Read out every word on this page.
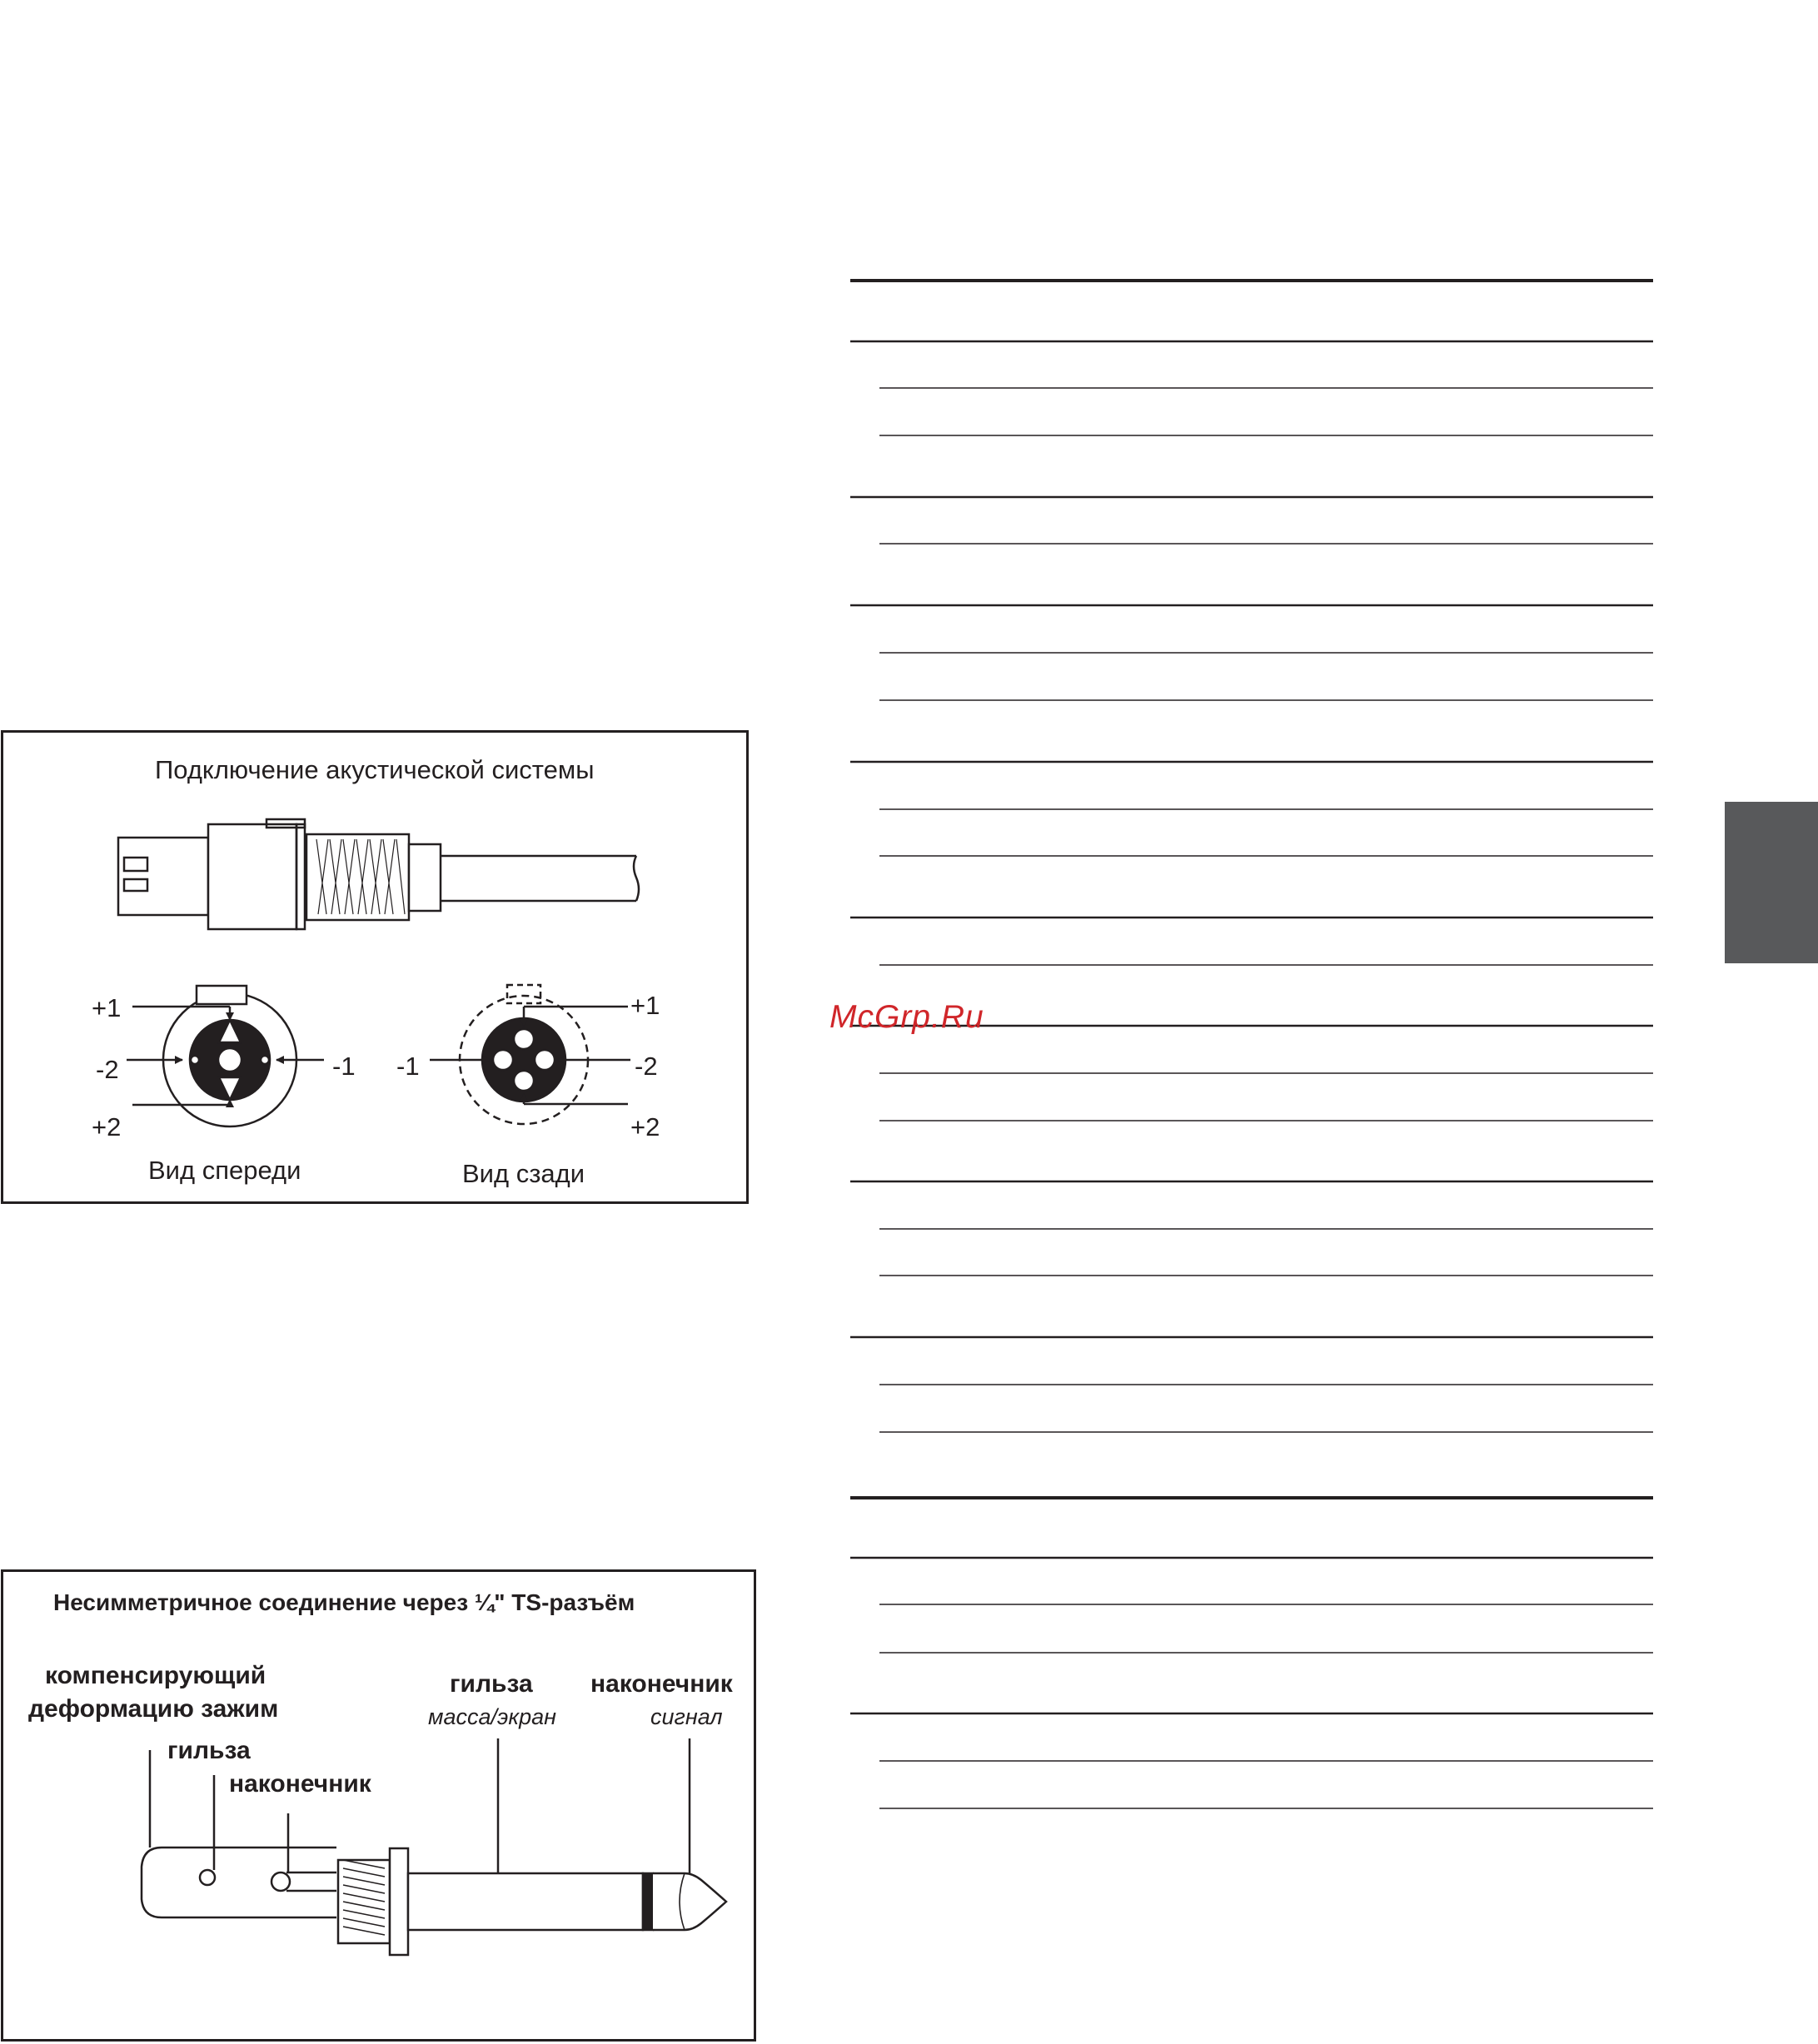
Подключение акустической системы
+1
-2	-1
+2
Вид спереди
+1
-1	-2
+2
Вид сзади
Несимметричное соединение через ¼" TS-разъём
компенсирующий
деформацию зажим
гильза
наконечник
гильза
масса/экран
наконечник
сигнал
McGrp.Ru
